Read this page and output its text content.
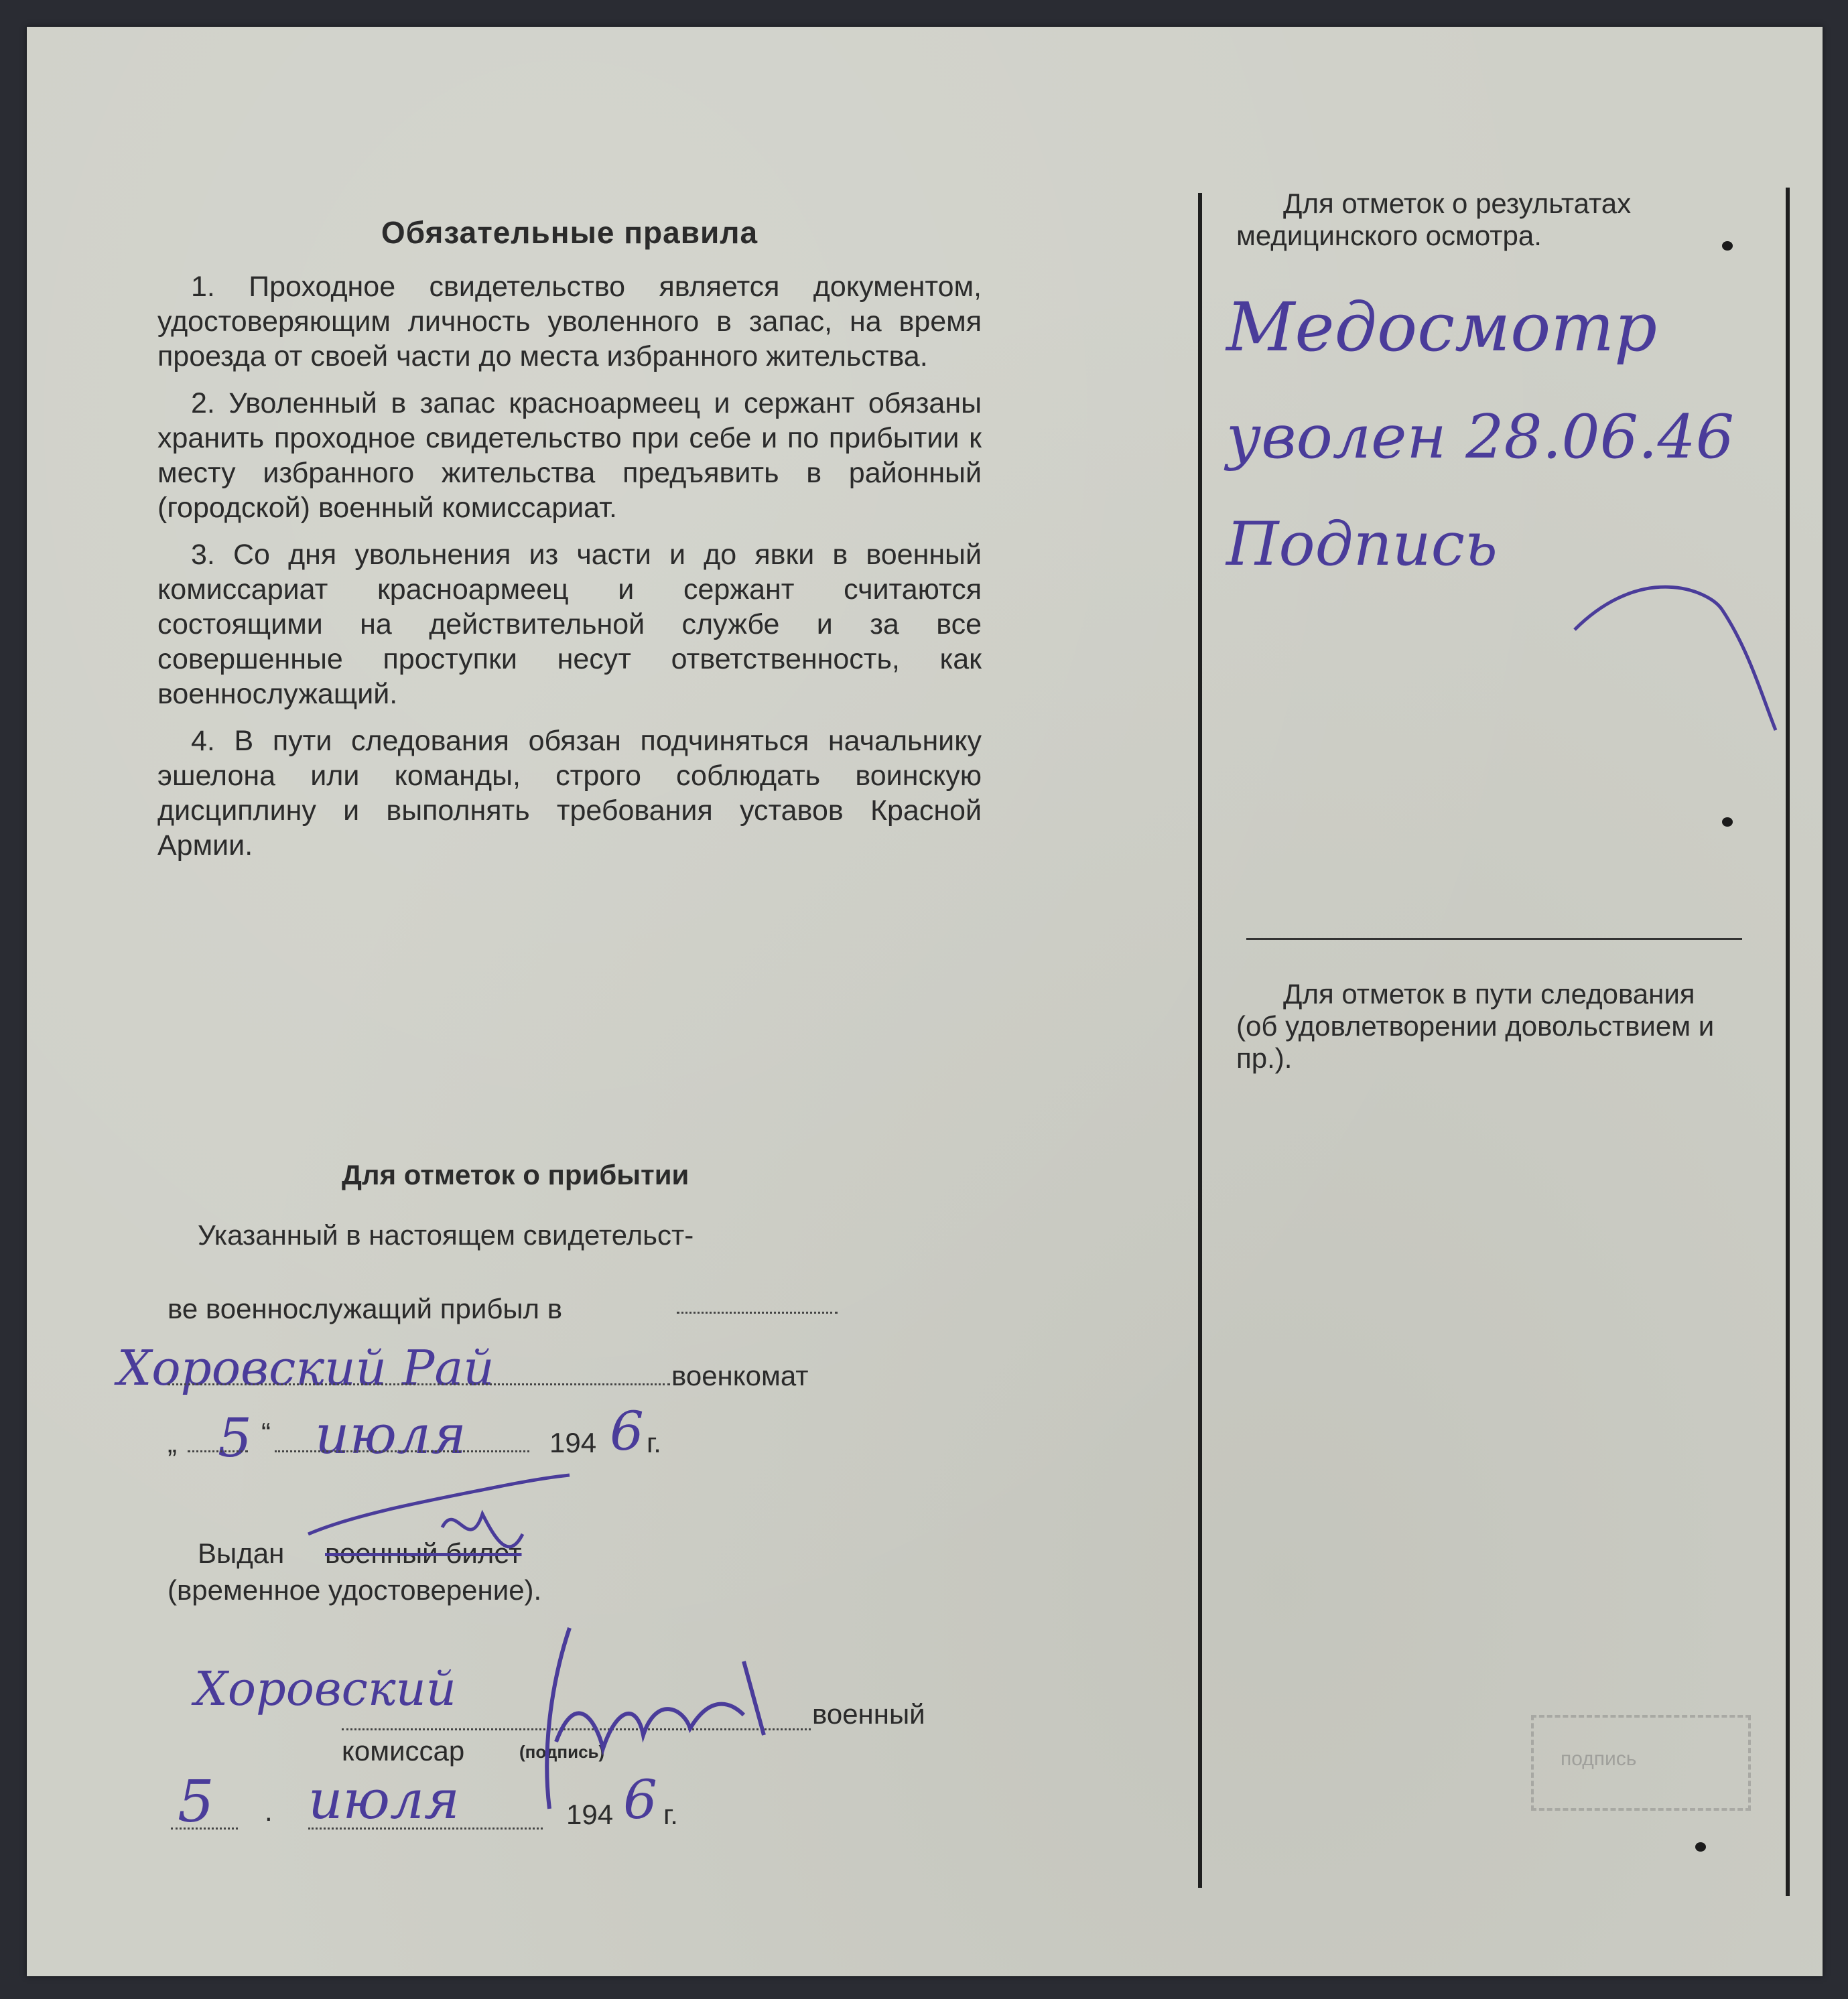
Обязательные правила
1. Проходное свидетельство является документом, удостоверяющим личность уволенного в запас, на время проезда от своей части до места избранного жительства.
2. Уволенный в запас красноармеец и сержант обязаны хранить проходное свидетельство при себе и по прибытии к месту избранного жительства предъявить в районный (городской) военный комиссариат.
3. Со дня увольнения из части и до явки в военный комиссариат красноармеец и сержант считаются состоящими на действительной службе и за все совершенные проступки несут ответственность, как военнослужащий.
4. В пути следования обязан подчиняться начальнику эшелона или команды, строго соблюдать воинскую дисциплину и выполнять требования уставов Красной Армии.
Для отметок о прибытии
Указанный в настоящем свидетельст-
ве военнослужащий прибыл в
Хоровский Рай	военкомат
„ 5 “ июля	194 6 г.
Выдан военный билет
(временное удостоверение).
Хоровский	военный
комиссар	(подпись)
5 . июля	194 6 г.
Для отметок о результатах медицинского осмотра.
Медосмотр
уволен 28.06.46
Подпись
Для отметок в пути следования (об удовлетворении довольствием и пр.).
подпись
